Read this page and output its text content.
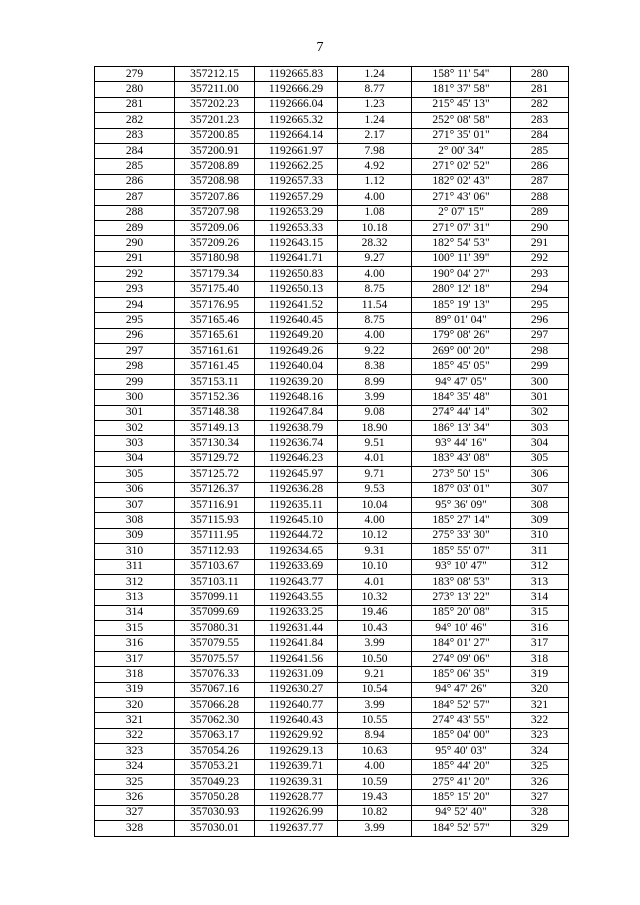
7
279	357212.15	1192665.83	1.24	158° 11' 54"	280
280	357211.00	1192666.29	8.77	181° 37' 58"	281
281	357202.23	1192666.04	1.23	215° 45' 13"	282
282	357201.23	1192665.32	1.24	252° 08' 58"	283
283	357200.85	1192664.14	2.17	271° 35' 01"	284
284	357200.91	1192661.97	7.98	2° 00' 34"	285
285	357208.89	1192662.25	4.92	271° 02' 52"	286
286	357208.98	1192657.33	1.12	182° 02' 43"	287
287	357207.86	1192657.29	4.00	271° 43' 06"	288
288	357207.98	1192653.29	1.08	2° 07' 15"	289
289	357209.06	1192653.33	10.18	271° 07' 31"	290
290	357209.26	1192643.15	28.32	182° 54' 53"	291
291	357180.98	1192641.71	9.27	100° 11' 39"	292
292	357179.34	1192650.83	4.00	190° 04' 27"	293
293	357175.40	1192650.13	8.75	280° 12' 18"	294
294	357176.95	1192641.52	11.54	185° 19' 13"	295
295	357165.46	1192640.45	8.75	89° 01' 04"	296
296	357165.61	1192649.20	4.00	179° 08' 26"	297
297	357161.61	1192649.26	9.22	269° 00' 20"	298
298	357161.45	1192640.04	8.38	185° 45' 05"	299
299	357153.11	1192639.20	8.99	94° 47' 05"	300
300	357152.36	1192648.16	3.99	184° 35' 48"	301
301	357148.38	1192647.84	9.08	274° 44' 14"	302
302	357149.13	1192638.79	18.90	186° 13' 34"	303
303	357130.34	1192636.74	9.51	93° 44' 16"	304
304	357129.72	1192646.23	4.01	183° 43' 08"	305
305	357125.72	1192645.97	9.71	273° 50' 15"	306
306	357126.37	1192636.28	9.53	187° 03' 01"	307
307	357116.91	1192635.11	10.04	95° 36' 09"	308
308	357115.93	1192645.10	4.00	185° 27' 14"	309
309	357111.95	1192644.72	10.12	275° 33' 30"	310
310	357112.93	1192634.65	9.31	185° 55' 07"	311
311	357103.67	1192633.69	10.10	93° 10' 47"	312
312	357103.11	1192643.77	4.01	183° 08' 53"	313
313	357099.11	1192643.55	10.32	273° 13' 22"	314
314	357099.69	1192633.25	19.46	185° 20' 08"	315
315	357080.31	1192631.44	10.43	94° 10' 46"	316
316	357079.55	1192641.84	3.99	184° 01' 27"	317
317	357075.57	1192641.56	10.50	274° 09' 06"	318
318	357076.33	1192631.09	9.21	185° 06' 35"	319
319	357067.16	1192630.27	10.54	94° 47' 26"	320
320	357066.28	1192640.77	3.99	184° 52' 57"	321
321	357062.30	1192640.43	10.55	274° 43' 55"	322
322	357063.17	1192629.92	8.94	185° 04' 00"	323
323	357054.26	1192629.13	10.63	95° 40' 03"	324
324	357053.21	1192639.71	4.00	185° 44' 20"	325
325	357049.23	1192639.31	10.59	275° 41' 20"	326
326	357050.28	1192628.77	19.43	185° 15' 20"	327
327	357030.93	1192626.99	10.82	94° 52' 40"	328
328	357030.01	1192637.77	3.99	184° 52' 57"	329
